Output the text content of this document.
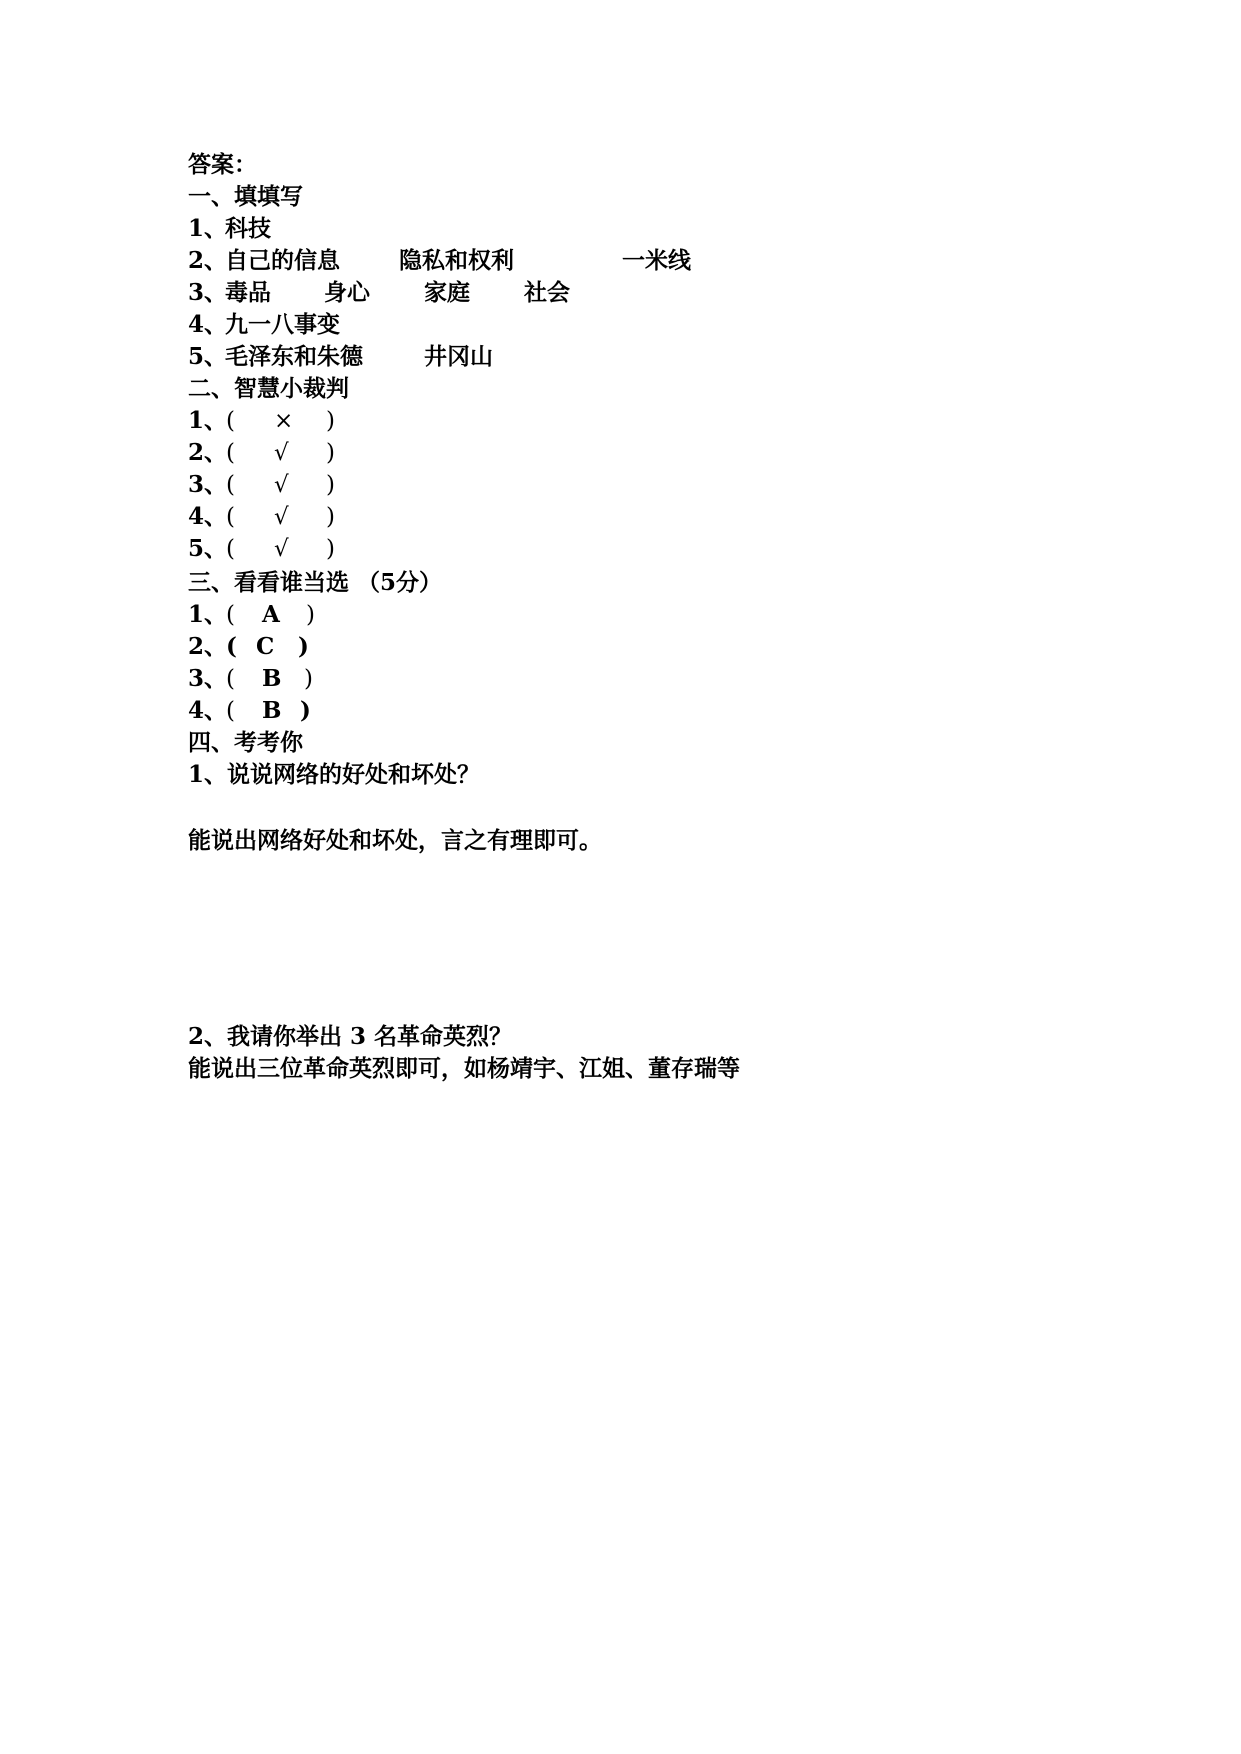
答案：
一、填填写

1、

科技

2、

自己的信息

	隐私和权利

	一米线

3、

毒品

身心

家庭

社会

4、

九一八事变

5、

毛泽东和朱德

	井冈山

二、智慧小裁判

1、

(

×

)

2、

(

√

)

3、

(

√

)

4、

(

√

)

5、

(

√

)

三、看看谁当选 （5分）

1、

(

A

)

2、

(

C

)

3、

(

B

)

4、

(

B

)

四、考考你
1、说说网络的好处和坏处？
能说出网络好处和坏处，言之有理即可。
2、我请你举出 3 名革命英烈？
能说出三位革命英烈即可，如杨靖宇、江姐、董存瑞等
